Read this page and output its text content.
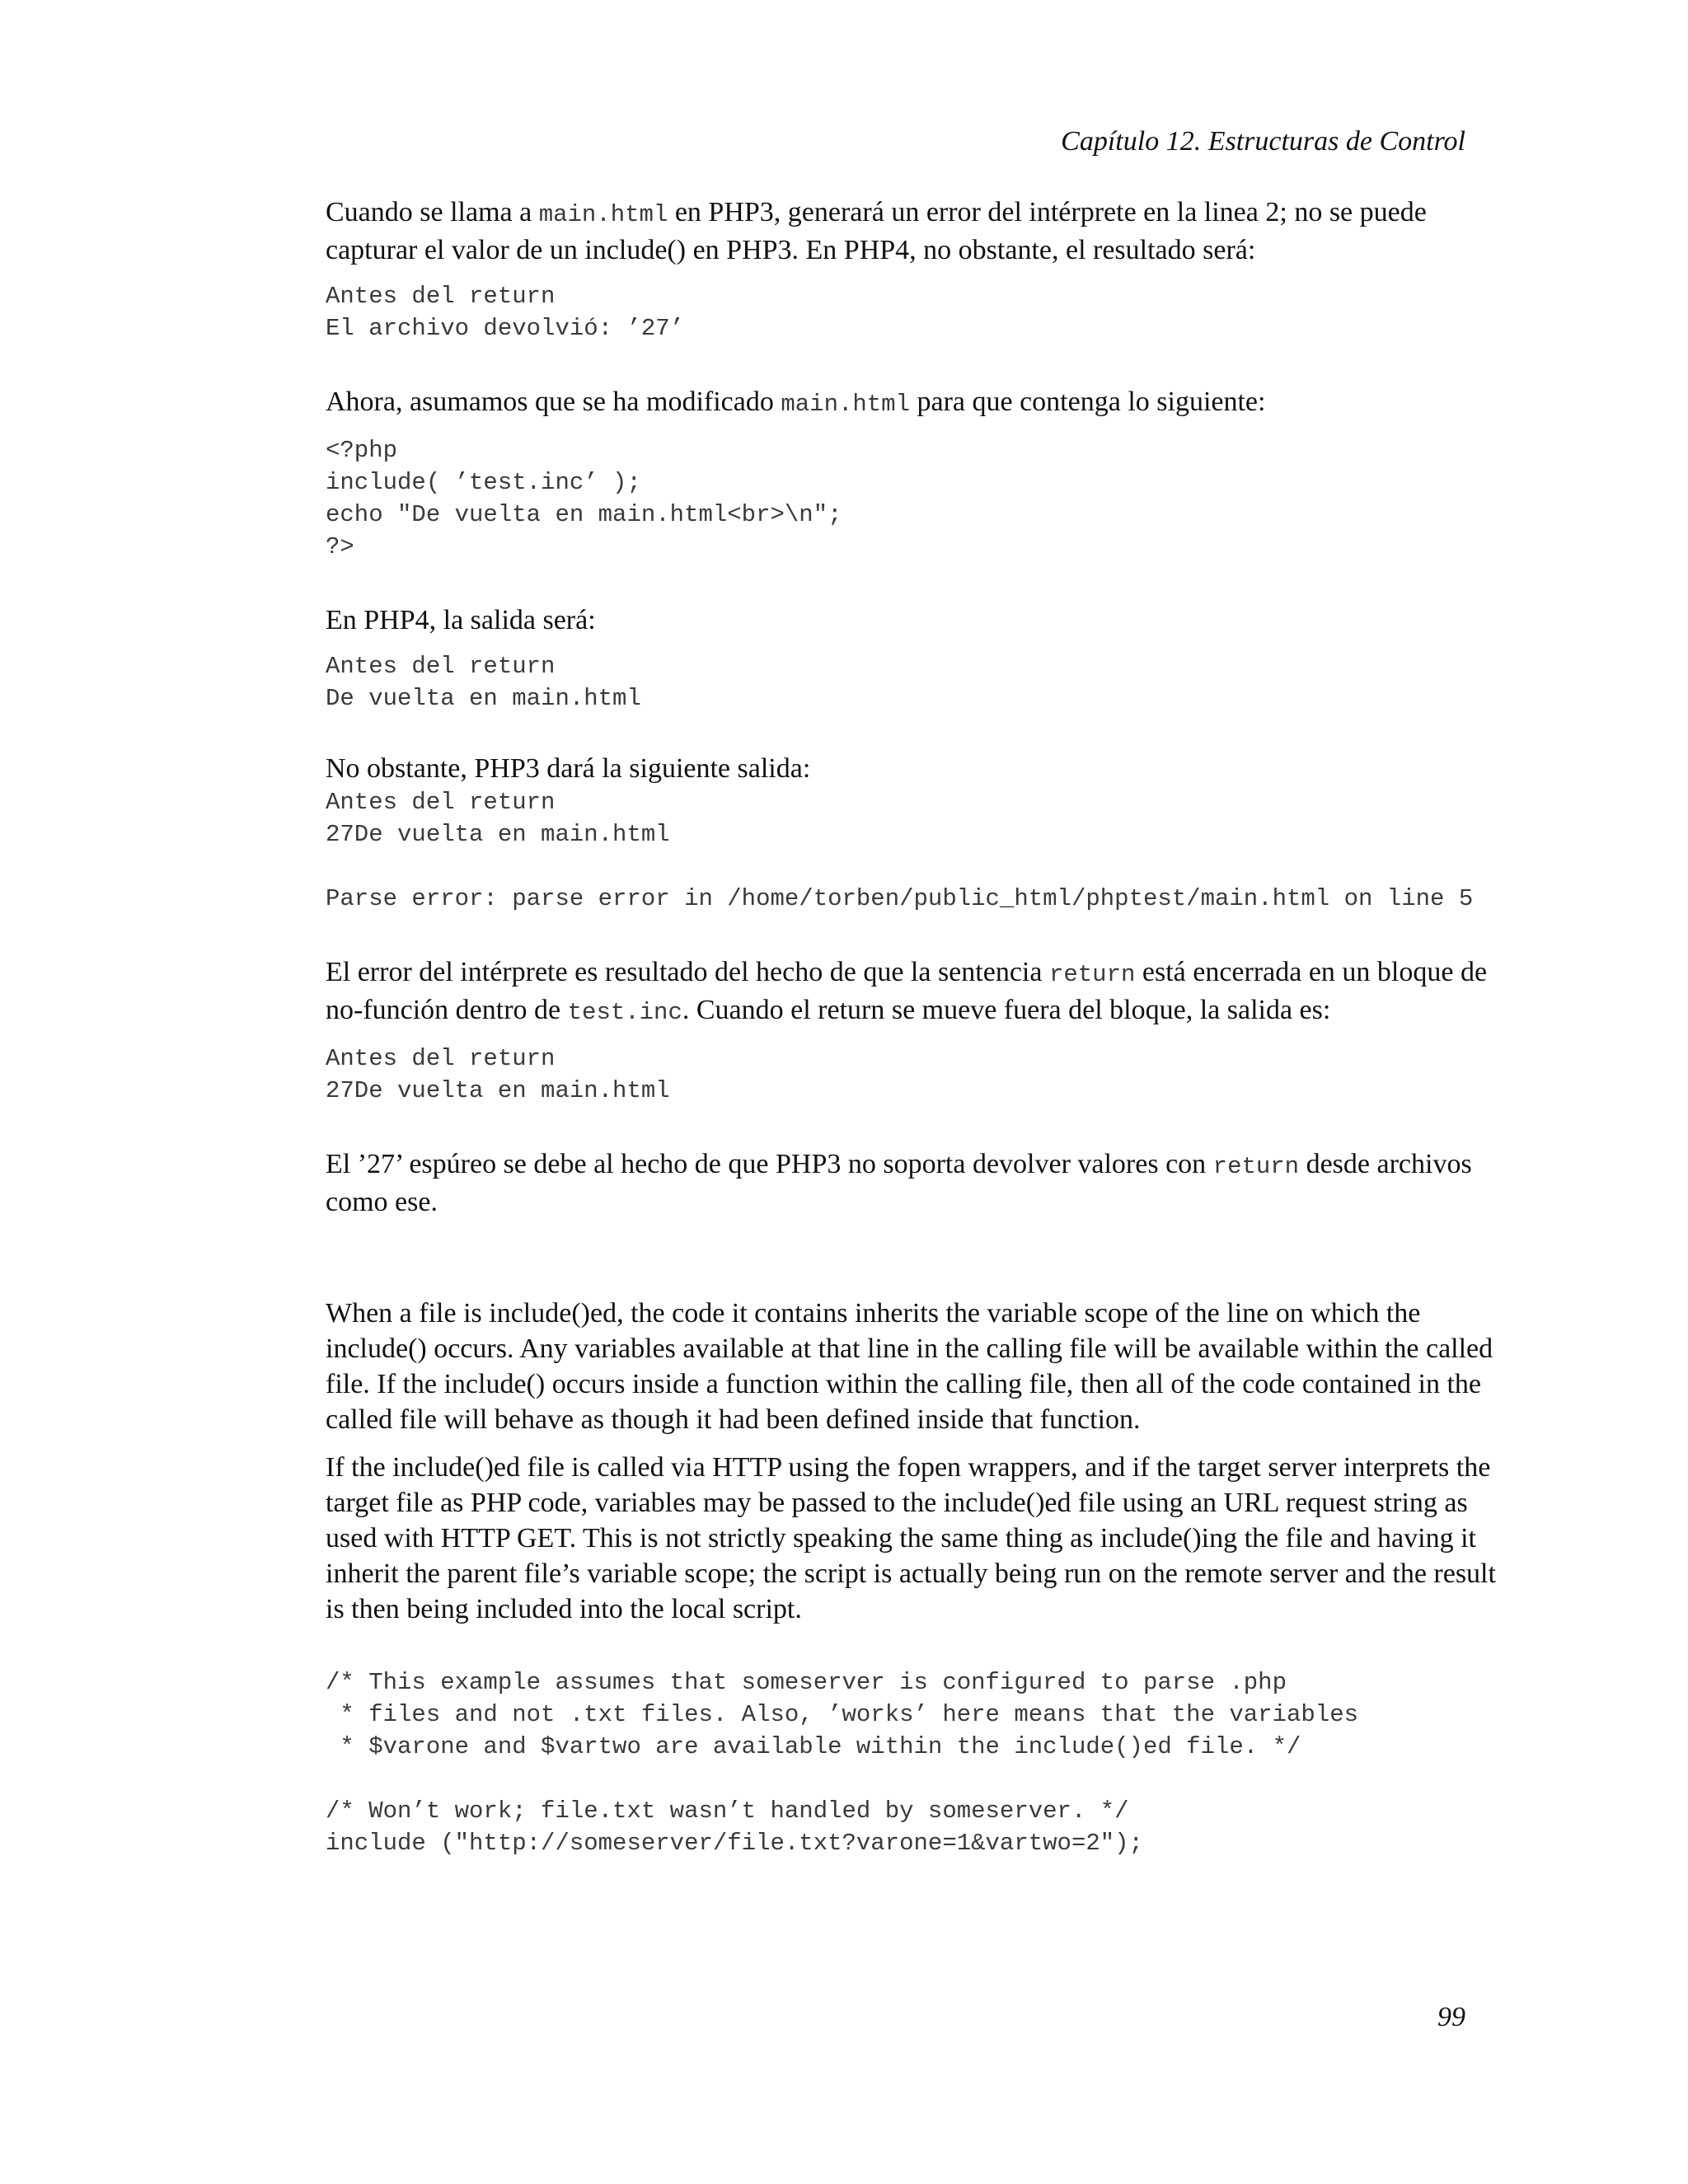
Capítulo 12. Estructuras de Control

Cuando se llama a main.html en PHP3, generará un error del intérprete en la linea 2; no se puede
capturar el valor de un include() en PHP3. En PHP4, no obstante, el resultado será:

Antes del return
El archivo devolvió: ’27’

Ahora, asumamos que se ha modificado main.html para que contenga lo siguiente:

<?php
include( ’test.inc’ );
echo "De vuelta en main.html<br>\n";
?>

En PHP4, la salida será:

Antes del return
De vuelta en main.html

No obstante, PHP3 dará la siguiente salida:

Antes del return
27De vuelta en main.html

Parse error: parse error in /home/torben/public_html/phptest/main.html on line 5

El error del intérprete es resultado del hecho de que la sentencia return está encerrada en un bloque de
no-función dentro de test.inc. Cuando el return se mueve fuera del bloque, la salida es:

Antes del return
27De vuelta en main.html

El ’27’ espúreo se debe al hecho de que PHP3 no soporta devolver valores con return desde archivos
como ese.

When a file is include()ed, the code it contains inherits the variable scope of the line on which the
include() occurs. Any variables available at that line in the calling file will be available within the called
file. If the include() occurs inside a function within the calling file, then all of the code contained in the
called file will behave as though it had been defined inside that function.

If the include()ed file is called via HTTP using the fopen wrappers, and if the target server interprets the
target file as PHP code, variables may be passed to the include()ed file using an URL request string as
used with HTTP GET. This is not strictly speaking the same thing as include()ing the file and having it
inherit the parent file’s variable scope; the script is actually being run on the remote server and the result
is then being included into the local script.

/* This example assumes that someserver is configured to parse .php
* files and not .txt files. Also, ’works’ here means that the variables
* $varone and $vartwo are available within the include()ed file. */

/* Won’t work; file.txt wasn’t handled by someserver. */
include ("http://someserver/file.txt?varone=1&vartwo=2");
99
